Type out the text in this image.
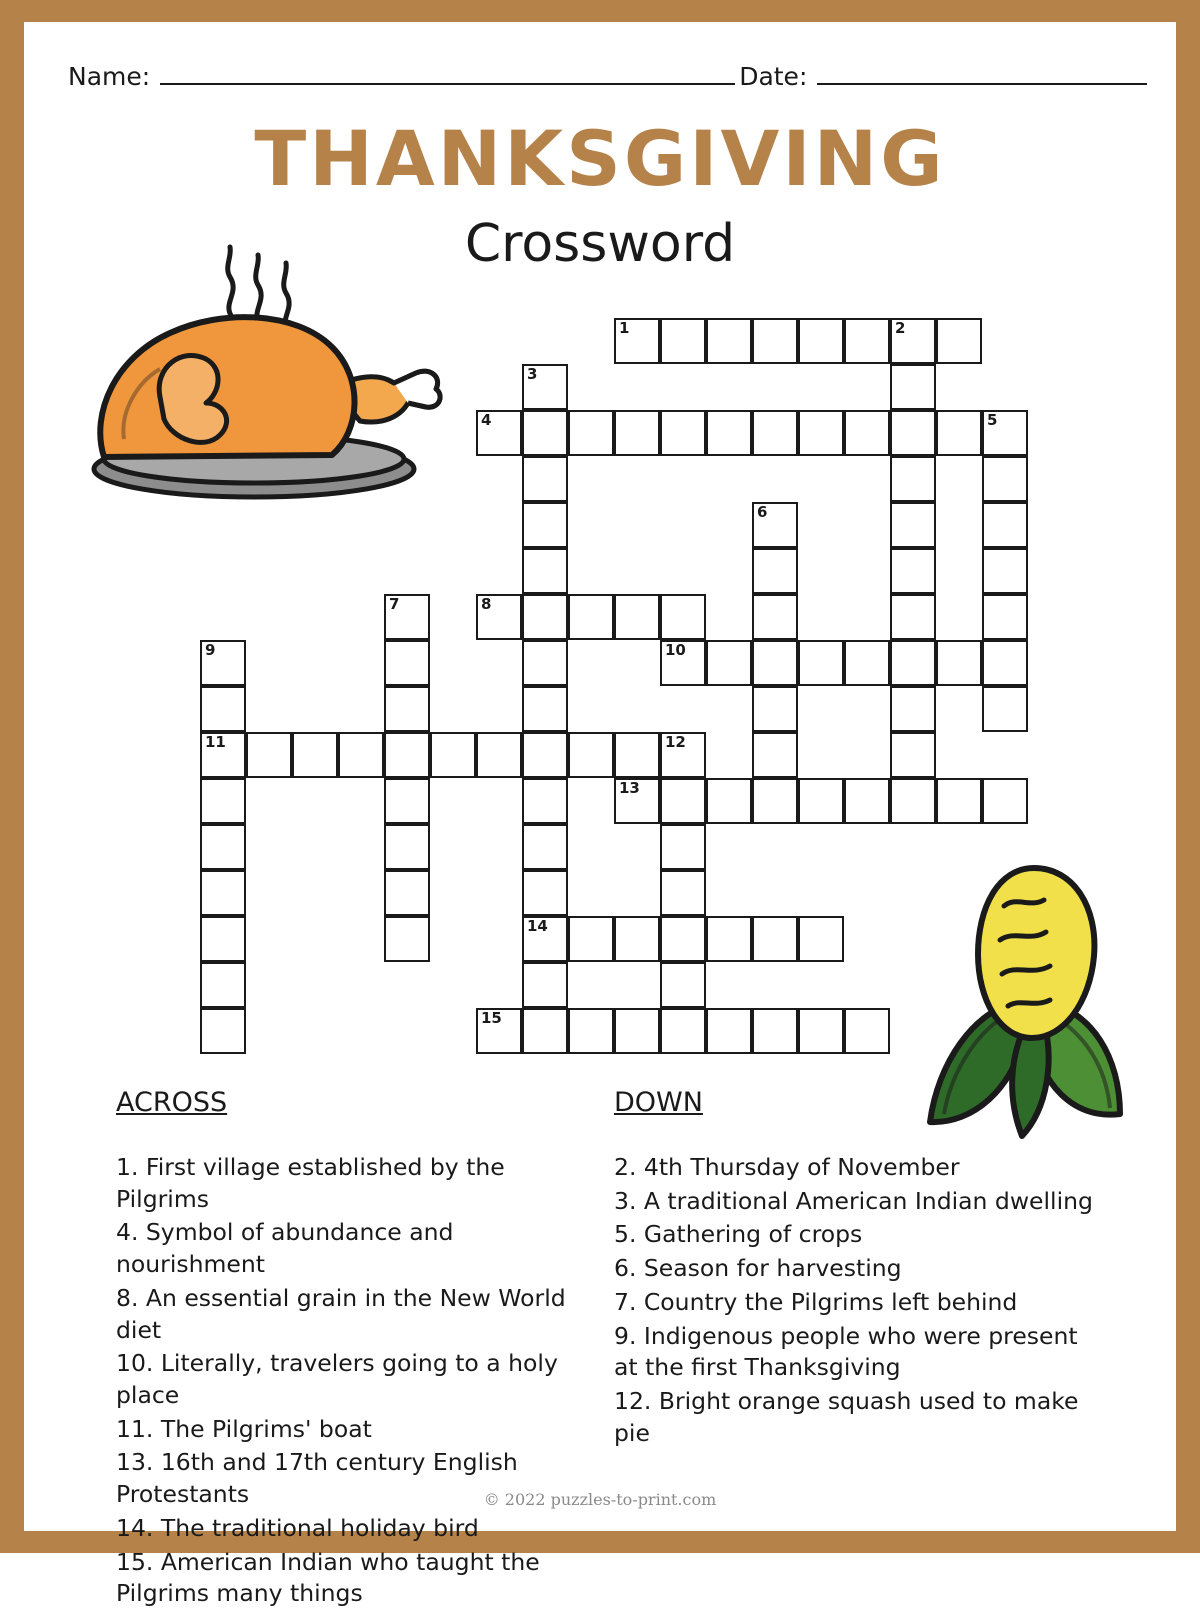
Name:	Date:
THANKSGIVING
Crossword
1	2
3
14
4	5
6
7	8
9
11
10
12
13
15
ACROSS
1. First village established by the Pilgrims
4. Symbol of abundance and nourishment
8. An essential grain in the New World diet
10. Literally, travelers going to a holy place
11. The Pilgrims' boat
13. 16th and 17th century English Protestants
14. The traditional holiday bird
15. American Indian who taught the Pilgrims many things
DOWN
2. 4th Thursday of November
3. A traditional American Indian dwelling
5. Gathering of crops
6. Season for harvesting
7. Country the Pilgrims left behind
9. Indigenous people who were present at the first Thanksgiving
12. Bright orange squash used to make pie
© 2022 puzzles-to-print.com
